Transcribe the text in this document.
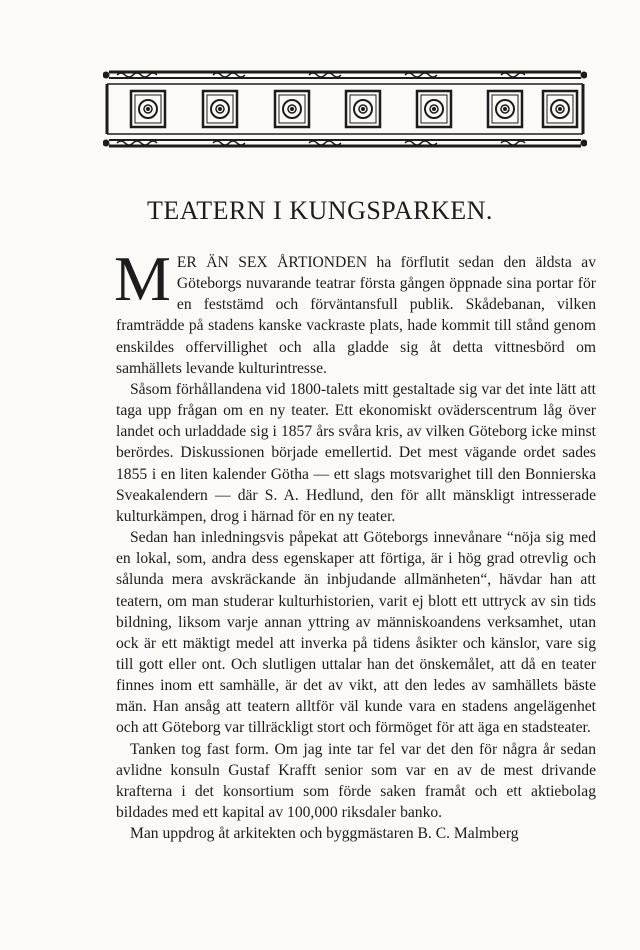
TEATERN I KUNGSPARKEN.

MER ÄN SEX ÅRTIONDEN ha förflutit sedan den äldsta av Göteborgs nuvarande teatrar första gången öppnade sina portar för en feststämd och förväntansfull publik. Skådebanan, vilken framträdde på stadens kanske vackraste plats, hade kommit till stånd genom enskildes offervillighet och alla gladde sig åt detta vittnesbörd om samhällets levande kulturintresse.

Såsom förhållandena vid 1800-talets mitt gestaltade sig var det inte lätt att taga upp frågan om en ny teater. Ett ekonomiskt oväderscentrum låg över landet och urladdade sig i 1857 års svåra kris, av vilken Göteborg icke minst berördes. Diskussionen började emellertid. Det mest vägande ordet sades 1855 i en liten kalender Götha — ett slags motsvarighet till den Bonnierska Sveakalendern — där S. A. Hedlund, den för allt mänskligt intresserade kulturkämpen, drog i härnad för en ny teater.

Sedan han inledningsvis påpekat att Göteborgs innevånare “nöja sig med en lokal, som, andra dess egenskaper att förtiga, är i hög grad otrevlig och sålunda mera avskräckande än inbjudande allmänheten“, hävdar han att teatern, om man studerar kulturhistorien, varit ej blott ett uttryck av sin tids bildning, liksom varje annan yttring av människoandens verksamhet, utan ock är ett mäktigt medel att inverka på tidens åsikter och känslor, vare sig till gott eller ont. Och slutligen uttalar han det önskemålet, att då en teater finnes inom ett samhälle, är det av vikt, att den ledes av samhällets bäste män. Han ansåg att teatern alltför väl kunde vara en stadens angelägenhet och att Göteborg var tillräckligt stort och förmöget för att äga en stadsteater.

Tanken tog fast form. Om jag inte tar fel var det den för några år sedan avlidne konsuln Gustaf Krafft senior som var en av de mest drivande krafterna i det konsortium som förde saken framåt och ett aktiebolag bildades med ett kapital av 100,000 riksdaler banko.

Man uppdrog åt arkitekten och byggmästaren B. C. Malmberg
